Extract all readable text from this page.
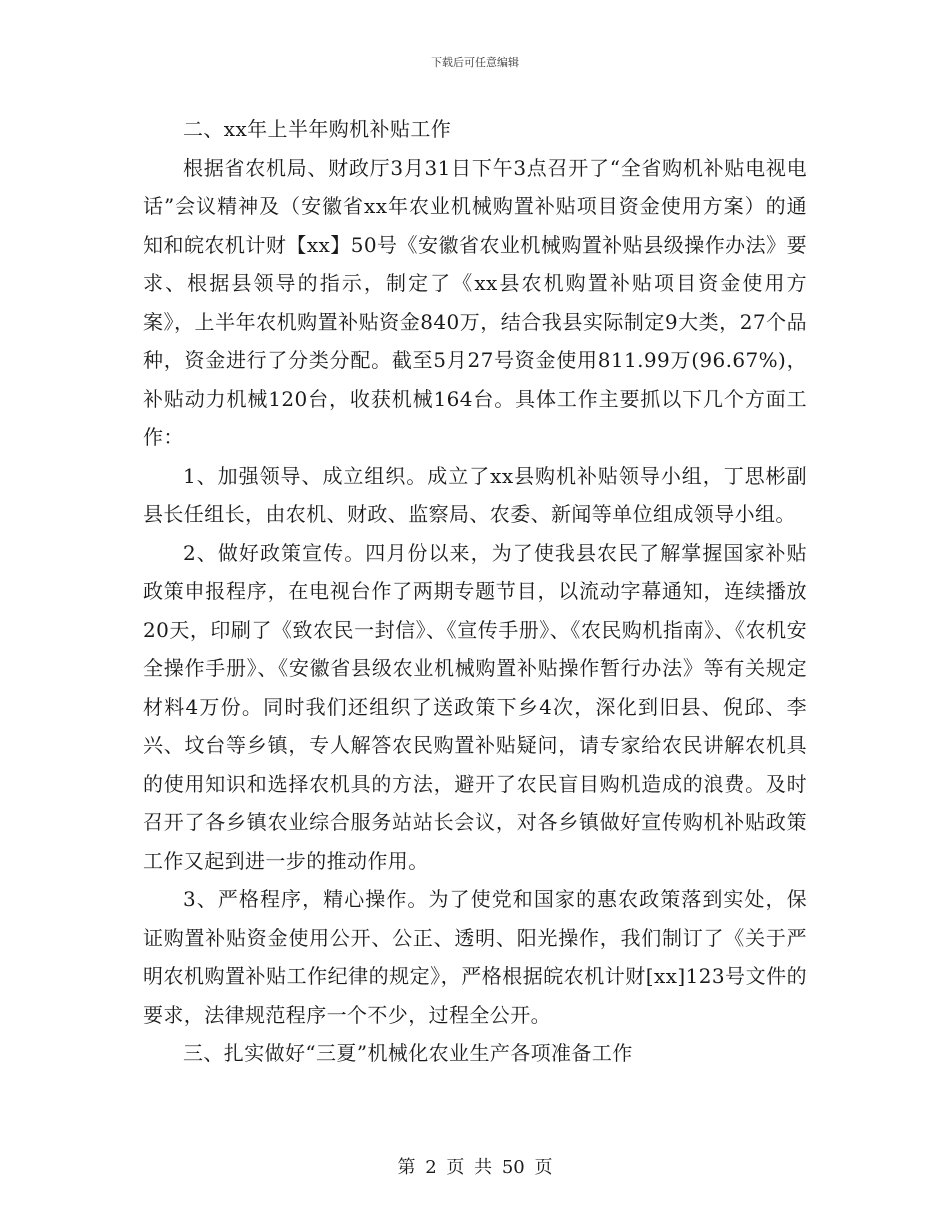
下载后可任意编辑

二、xx年上半年购机补贴工作

根据省农机局、财政厅3月31日下午3点召开了“全省购机补贴电视电话”会议精神及（安徽省xx年农业机械购置补贴项目资金使用方案）的通知和皖农机计财【xx】50号《安徽省农业机械购置补贴县级操作办法》要求、根据县领导的指示，制定了《xx县农机购置补贴项目资金使用方案》，上半年农机购置补贴资金840万，结合我县实际制定9大类，27个品种，资金进行了分类分配。截至5月27号资金使用811.99万(96.67%)，补贴动力机械120台，收获机械164台。具体工作主要抓以下几个方面工作：

1、加强领导、成立组织。成立了xx县购机补贴领导小组，丁思彬副县长任组长，由农机、财政、监察局、农委、新闻等单位组成领导小组。

2、做好政策宣传。四月份以来，为了使我县农民了解掌握国家补贴政策申报程序，在电视台作了两期专题节目，以流动字幕通知，连续播放20天，印刷了《致农民一封信》、《宣传手册》、《农民购机指南》、《农机安全操作手册》、《安徽省县级农业机械购置补贴操作暂行办法》等有关规定材料4万份。同时我们还组织了送政策下乡4次，深化到旧县、倪邱、李兴、坟台等乡镇，专人解答农民购置补贴疑问，请专家给农民讲解农机具的使用知识和选择农机具的方法，避开了农民盲目购机造成的浪费。及时召开了各乡镇农业综合服务站站长会议，对各乡镇做好宣传购机补贴政策工作又起到进一步的推动作用。

3、严格程序，精心操作。为了使党和国家的惠农政策落到实处，保证购置补贴资金使用公开、公正、透明、阳光操作，我们制订了《关于严明农机购置补贴工作纪律的规定》，严格根据皖农机计财[xx]123号文件的要求，法律规范程序一个不少，过程全公开。

三、扎实做好“三夏”机械化农业生产各项准备工作

第 2 页 共 50 页
